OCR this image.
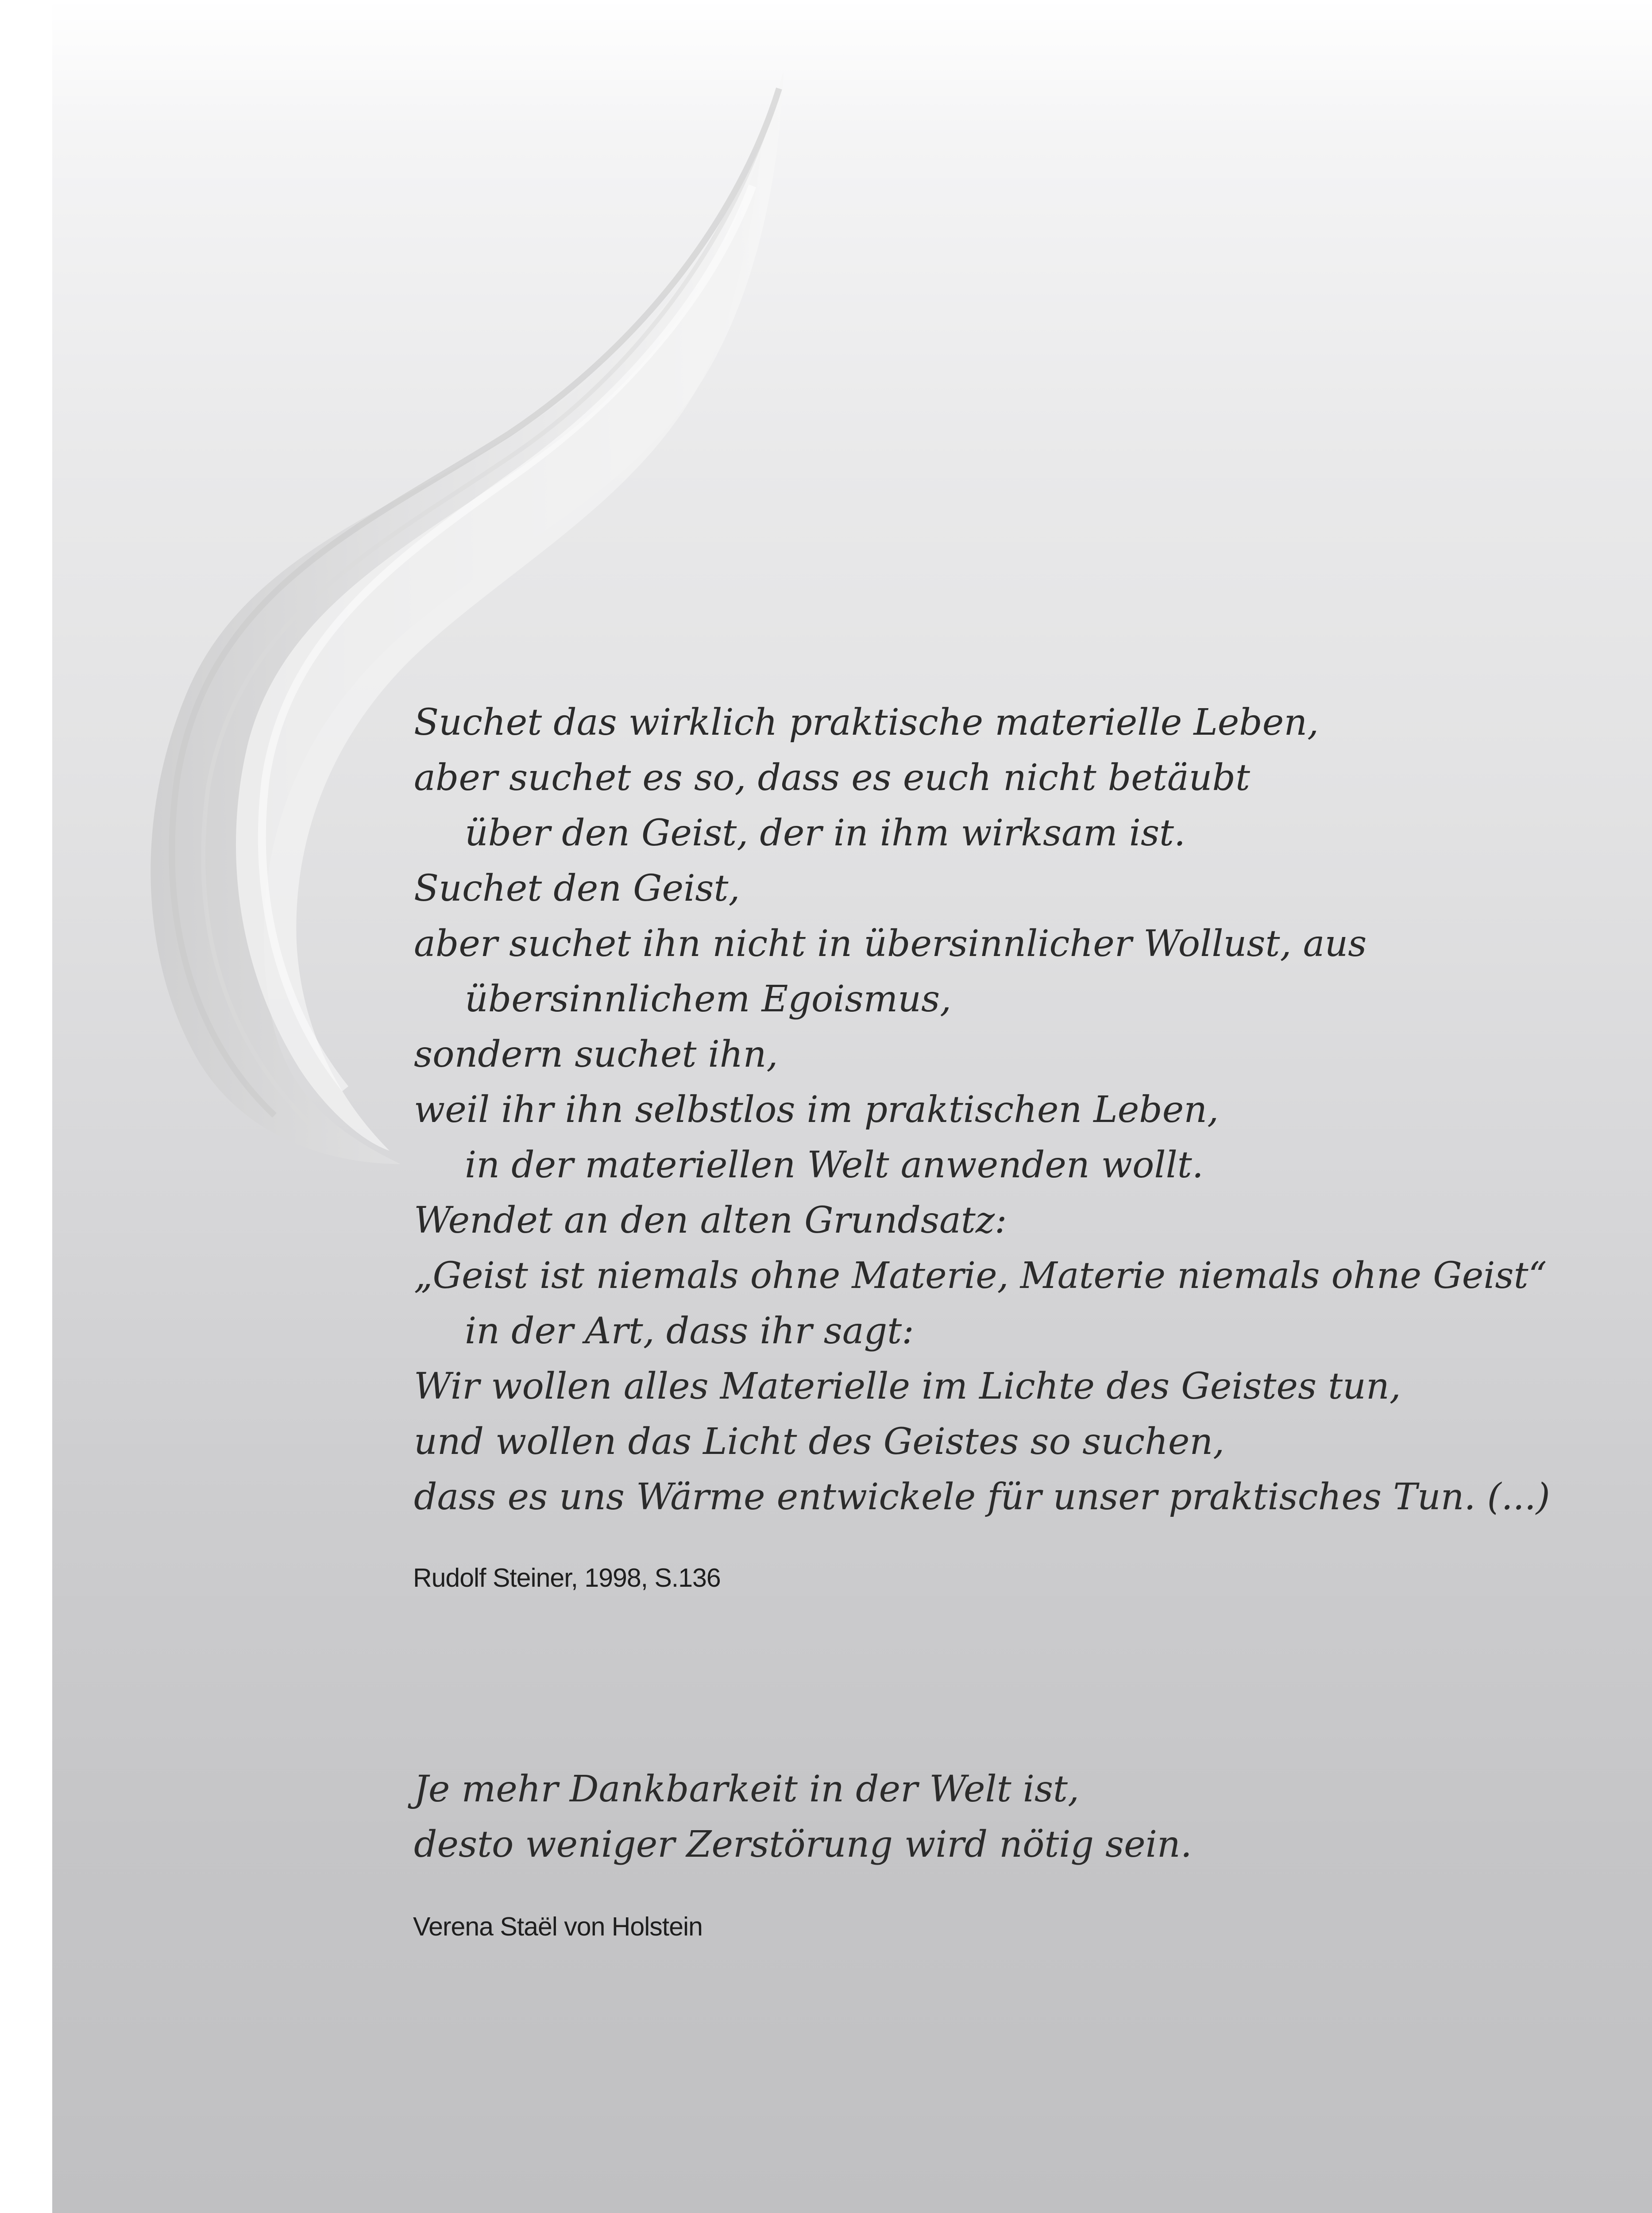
Suchet das wirklich praktische materielle Leben,
aber suchet es so, dass es euch nicht betäubt
über den Geist, der in ihm wirksam ist.
Suchet den Geist,
aber suchet ihn nicht in übersinnlicher Wollust, aus
übersinnlichem Egoismus,
sondern suchet ihn,
weil ihr ihn selbstlos im praktischen Leben,
in der materiellen Welt anwenden wollt.
Wendet an den alten Grundsatz:
„Geist ist niemals ohne Materie, Materie niemals ohne Geist“
in der Art, dass ihr sagt:
Wir wollen alles Materielle im Lichte des Geistes tun,
und wollen das Licht des Geistes so suchen,
dass es uns Wärme entwickele für unser praktisches Tun. (...)
Rudolf Steiner, 1998, S.136
Je mehr Dankbarkeit in der Welt ist,
desto weniger Zerstörung wird nötig sein.
Verena Staël von Holstein
